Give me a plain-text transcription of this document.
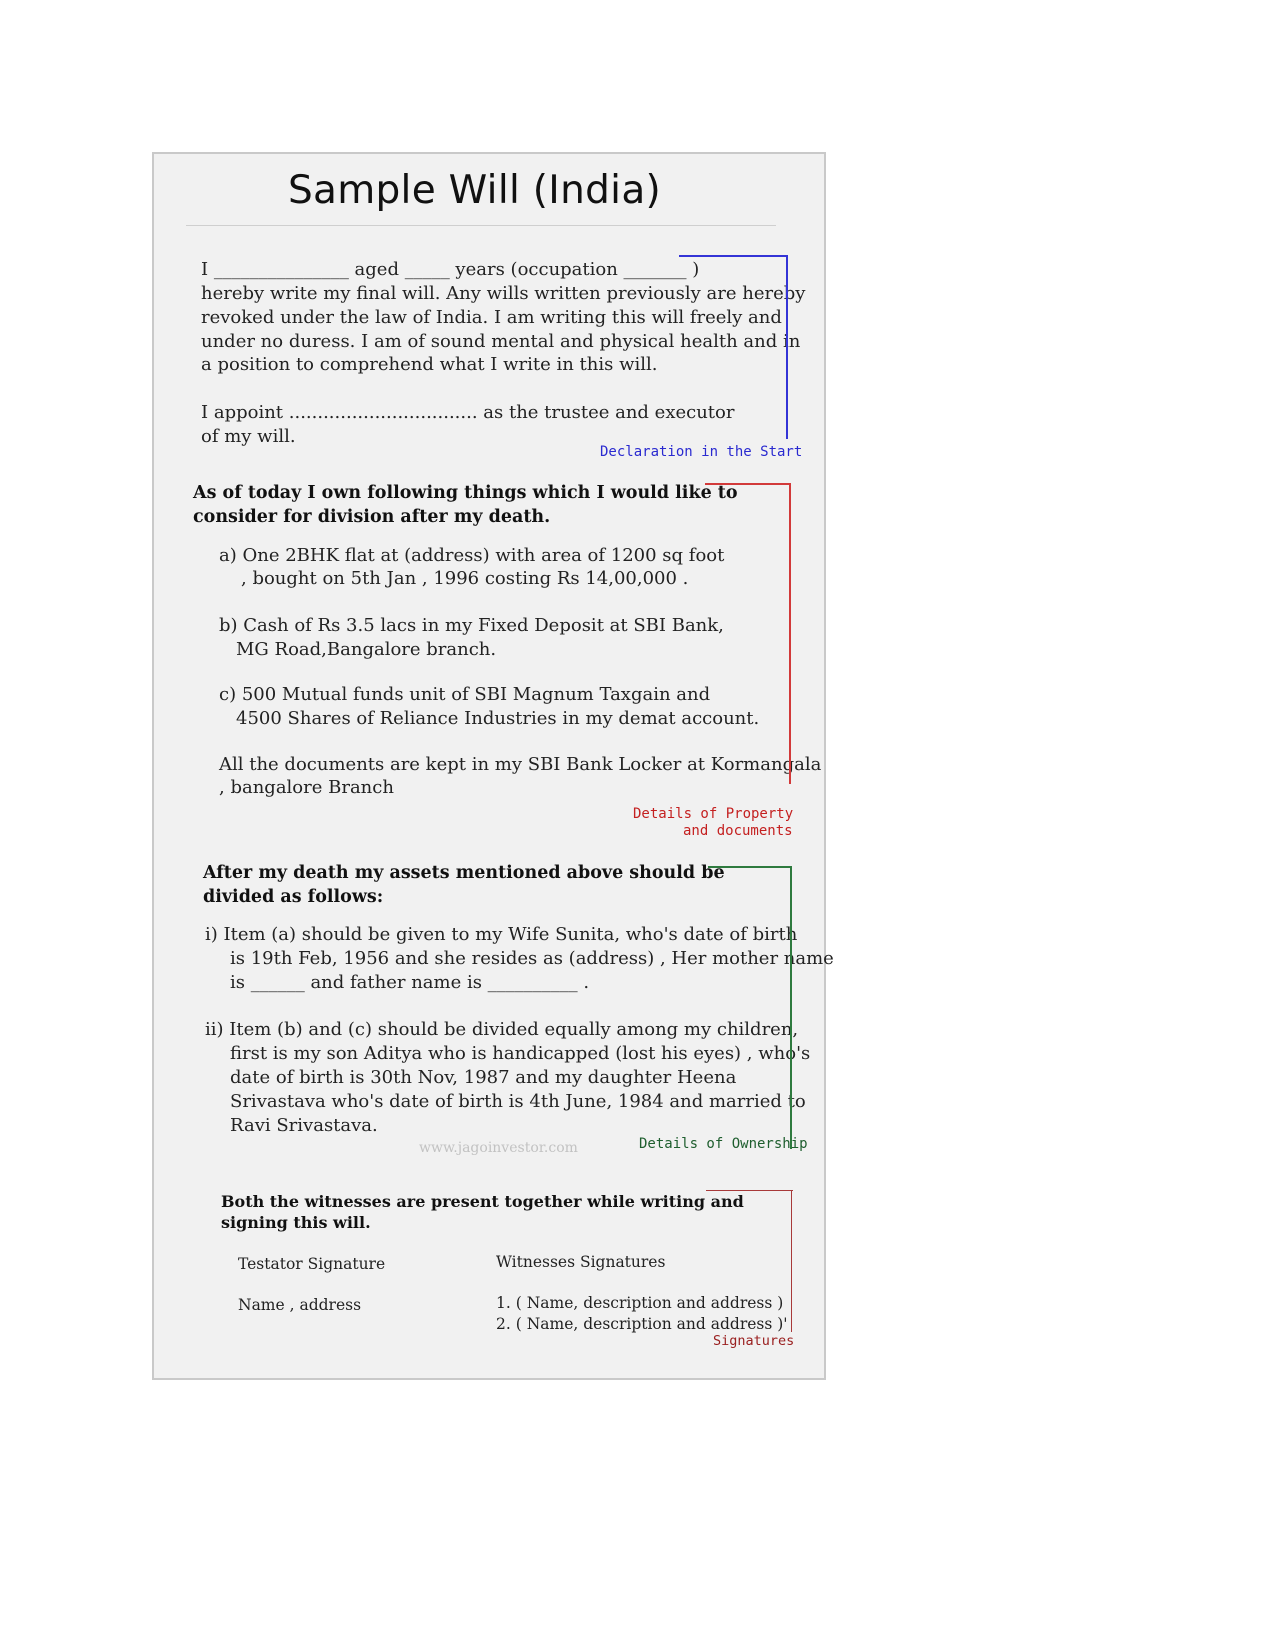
Sample Will (India)
I _______________ aged _____ years (occupation _______ )
hereby write my final will. Any wills written previously are hereby
revoked under the law of India. I am writing this will freely and
under no duress. I am of sound mental and physical health and in
a position to comprehend what I write in this will.
I appoint ................................. as the trustee and executor
of my will.
Declaration in the Start
As of today I own following things which I would like to
consider for division after my death.
a) One 2BHK flat at (address) with area of 1200 sq foot
, bought on 5th Jan , 1996 costing Rs 14,00,000 .
b) Cash of Rs 3.5 lacs in my Fixed Deposit at SBI Bank,
MG Road,Bangalore branch.
c) 500 Mutual funds unit of SBI Magnum Taxgain and
4500 Shares of Reliance Industries in my demat account.
All the documents are kept in my SBI Bank Locker at Kormangala
, bangalore Branch
Details of Property
and documents
After my death my assets mentioned above should be
divided as follows:
i) Item (a) should be given to my Wife Sunita, who's date of birth
is 19th Feb, 1956 and she resides as (address) , Her mother name
is ______ and father name is __________ .
ii) Item (b) and (c) should be divided equally among my children,
first is my son Aditya who is handicapped (lost his eyes) , who's
date of birth is 30th Nov, 1987 and my daughter Heena
Srivastava who's date of birth is 4th June, 1984 and married to
Ravi Srivastava.
www.jagoinvestor.com	Details of Ownership
Both the witnesses are present together while writing and
signing this will.
Testator Signature	Witnesses Signatures
Name , address	1. ( Name, description and address )
2. ( Name, description and address )'
Signatures
